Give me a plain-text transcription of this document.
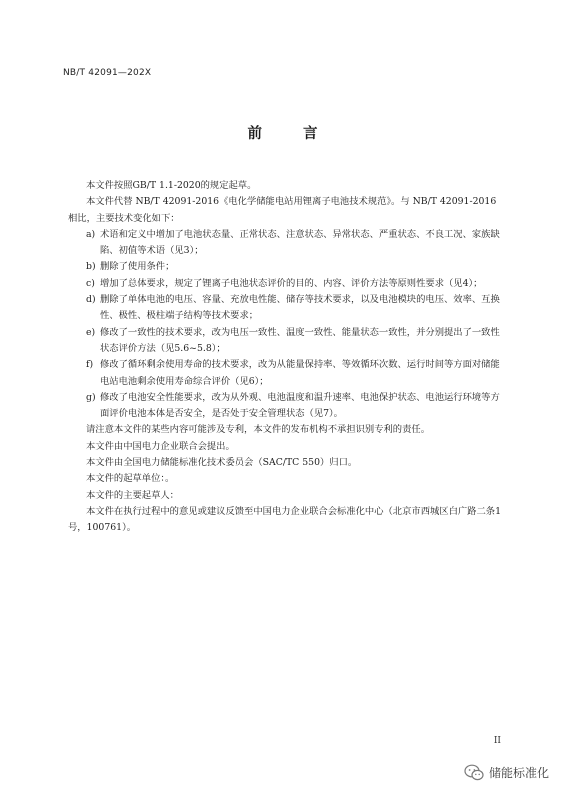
NB/T 42091—202X
前 言

本文件按照GB/T 1.1-2020的规定起草。

本文件代替 NB/T 42091-2016《电化学储能电站用锂离子电池技术规范》。与 NB/T 42091-2016 相比，主要技术变化如下：

a) 术语和定义中增加了电池状态量、正常状态、注意状态、异常状态、严重状态、不良工况、家族缺陷、初值等术语（见3）；
b) 删除了使用条件；
c) 增加了总体要求，规定了锂离子电池状态评价的目的、内容、评价方法等原则性要求（见4）；
d) 删除了单体电池的电压、容量、充放电性能、储存等技术要求，以及电池模块的电压、效率、互换性、极性、极柱端子结构等技术要求；
e) 修改了一致性的技术要求，改为电压一致性、温度一致性、能量状态一致性，并分别提出了一致性状态评价方法（见5.6~5.8）；
f) 修改了循环剩余使用寿命的技术要求，改为从能量保持率、等效循环次数、运行时间等方面对储能电站电池剩余使用寿命综合评价（见6）；
g) 修改了电池安全性能要求，改为从外观、电池温度和温升速率、电池保护状态、电池运行环境等方面评价电池本体是否安全，是否处于安全管理状态（见7）。

请注意本文件的某些内容可能涉及专利，本文件的发布机构不承担识别专利的责任。

本文件由中国电力企业联合会提出。

本文件由全国电力储能标准化技术委员会（SAC/TC 550）归口。

本文件的起草单位：。

本文件的主要起草人：

本文件在执行过程中的意见或建议反馈至中国电力企业联合会标准化中心（北京市西城区白广路二条1号，100761）。

II
储能标准化
